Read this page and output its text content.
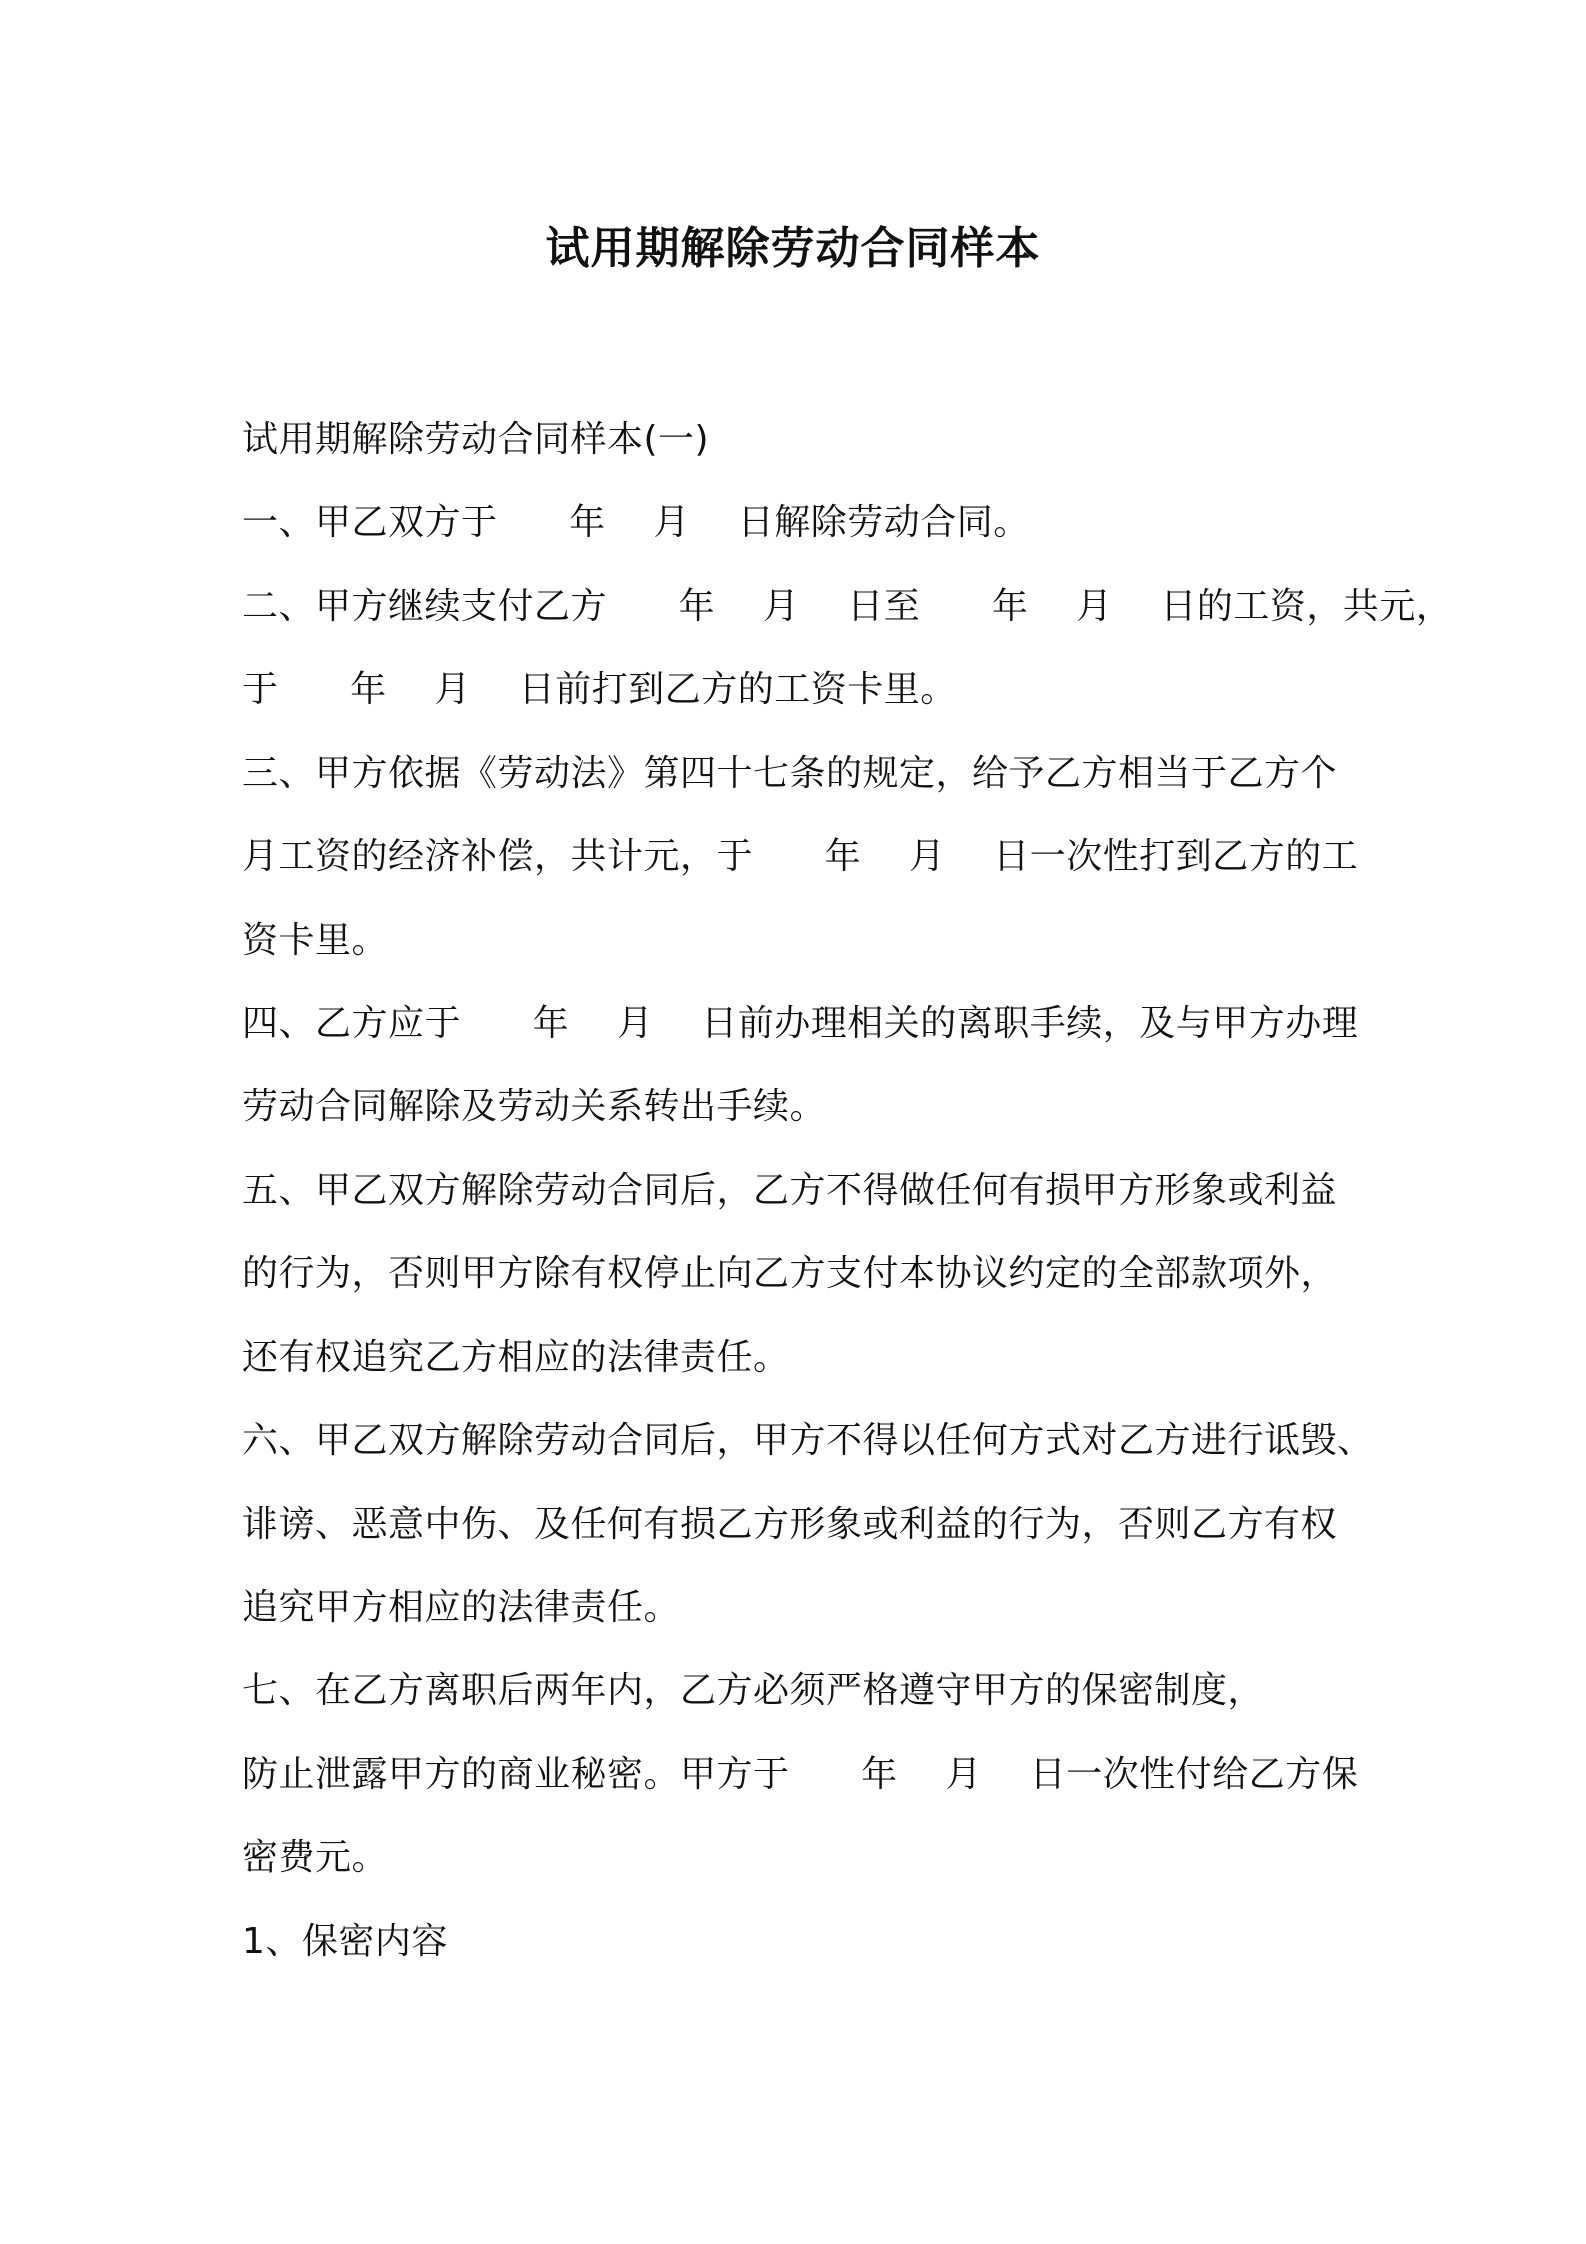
试用期解除劳动合同样本
试用期解除劳动合同样本(一)
一、甲乙双方于      年    月    日解除劳动合同。
二、甲方继续支付乙方      年    月    日至      年    月    日的工资，共元，
于      年    月    日前打到乙方的工资卡里。
三、甲方依据《劳动法》第四十七条的规定，给予乙方相当于乙方个
月工资的经济补偿，共计元，于      年    月    日一次性打到乙方的工
资卡里。
四、乙方应于      年    月    日前办理相关的离职手续，及与甲方办理
劳动合同解除及劳动关系转出手续。
五、甲乙双方解除劳动合同后，乙方不得做任何有损甲方形象或利益
的行为，否则甲方除有权停止向乙方支付本协议约定的全部款项外，
还有权追究乙方相应的法律责任。
六、甲乙双方解除劳动合同后，甲方不得以任何方式对乙方进行诋毁、
诽谤、恶意中伤、及任何有损乙方形象或利益的行为，否则乙方有权
追究甲方相应的法律责任。
七、在乙方离职后两年内，乙方必须严格遵守甲方的保密制度，
防止泄露甲方的商业秘密。甲方于      年    月    日一次性付给乙方保
密费元。
1、保密内容
